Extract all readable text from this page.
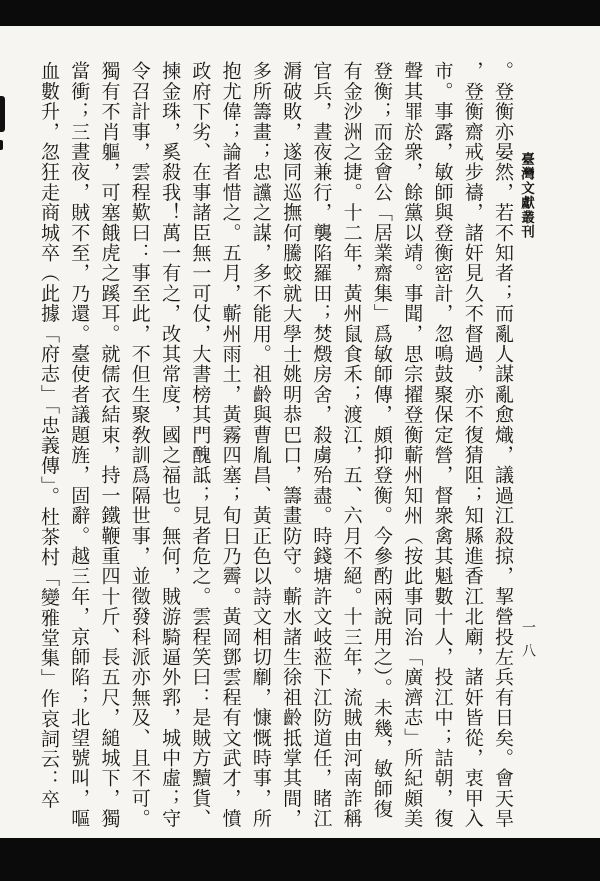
臺灣文獻叢刊
一八
。登衡亦晏然，若不知者；而亂人謀亂愈熾，議過江殺掠，挈營投左兵有日矣。會天旱
，登衡齋戒步禱，諸奸見久不督過，亦不復猜阻；知縣進香江北廟，諸奸皆從，衷甲入
市。事露，敏師與登衡密計，忽鳴鼓聚保定營，督衆禽其魁數十人，投江中；詰朝，復
聲其罪於衆，餘黨以靖。事聞，思宗擢登衡蘄州知州（按此事同治「廣濟志」所紀頗美
登衡；而金會公「居業齋集」爲敏師傳，頗抑登衡。今參酌兩說用之）。未幾，敏師復
有金沙洲之捷。十二年，黃州鼠食禾；渡江，五、六月不絕。十三年，流賊由河南詐稱
官兵，晝夜兼行，襲陷羅田；焚燬房舍，殺虜殆盡。時錢塘許文岐蒞下江防道任，睹江
漘破敗，遂同巡撫何騰蛟就大學士姚明恭巴口，籌畫防守。蘄水諸生徐祖齡抵掌其間，
多所籌畫；忠讜之謀，多不能用。祖齡與曹胤昌、黃正色以詩文相切劘，慷慨時事，所
抱尤偉；論者惜之。五月，蘄州雨土，黃霧四塞；旬日乃霽。黃岡鄧雲程有文武才，憤
政府下劣、在事諸臣無一可仗，大書榜其門醜詆；見者危之。雲程笑曰：是賊方黷貨、
揀金珠，奚殺我！萬一有之，改其常度，國之福也。無何，賊游騎逼外郛，城中虛；守
令召計事，雲程歎曰：事至此，不但生聚敎訓爲隔世事，並徵發科派亦無及、且不可。
獨有不肖軀，可塞餓虎之蹊耳。就儒衣結束，持一鐵鞭重四十斤、長五尺，縋城下，獨
當衝；三晝夜，賊不至，乃還。臺使者議題旌，固辭。越三年，京師陷；北望號叫，嘔
血數升，忽狂走商城卒（此據「府志」「忠義傳」。杜茶村「變雅堂集」作哀詞云：卒
